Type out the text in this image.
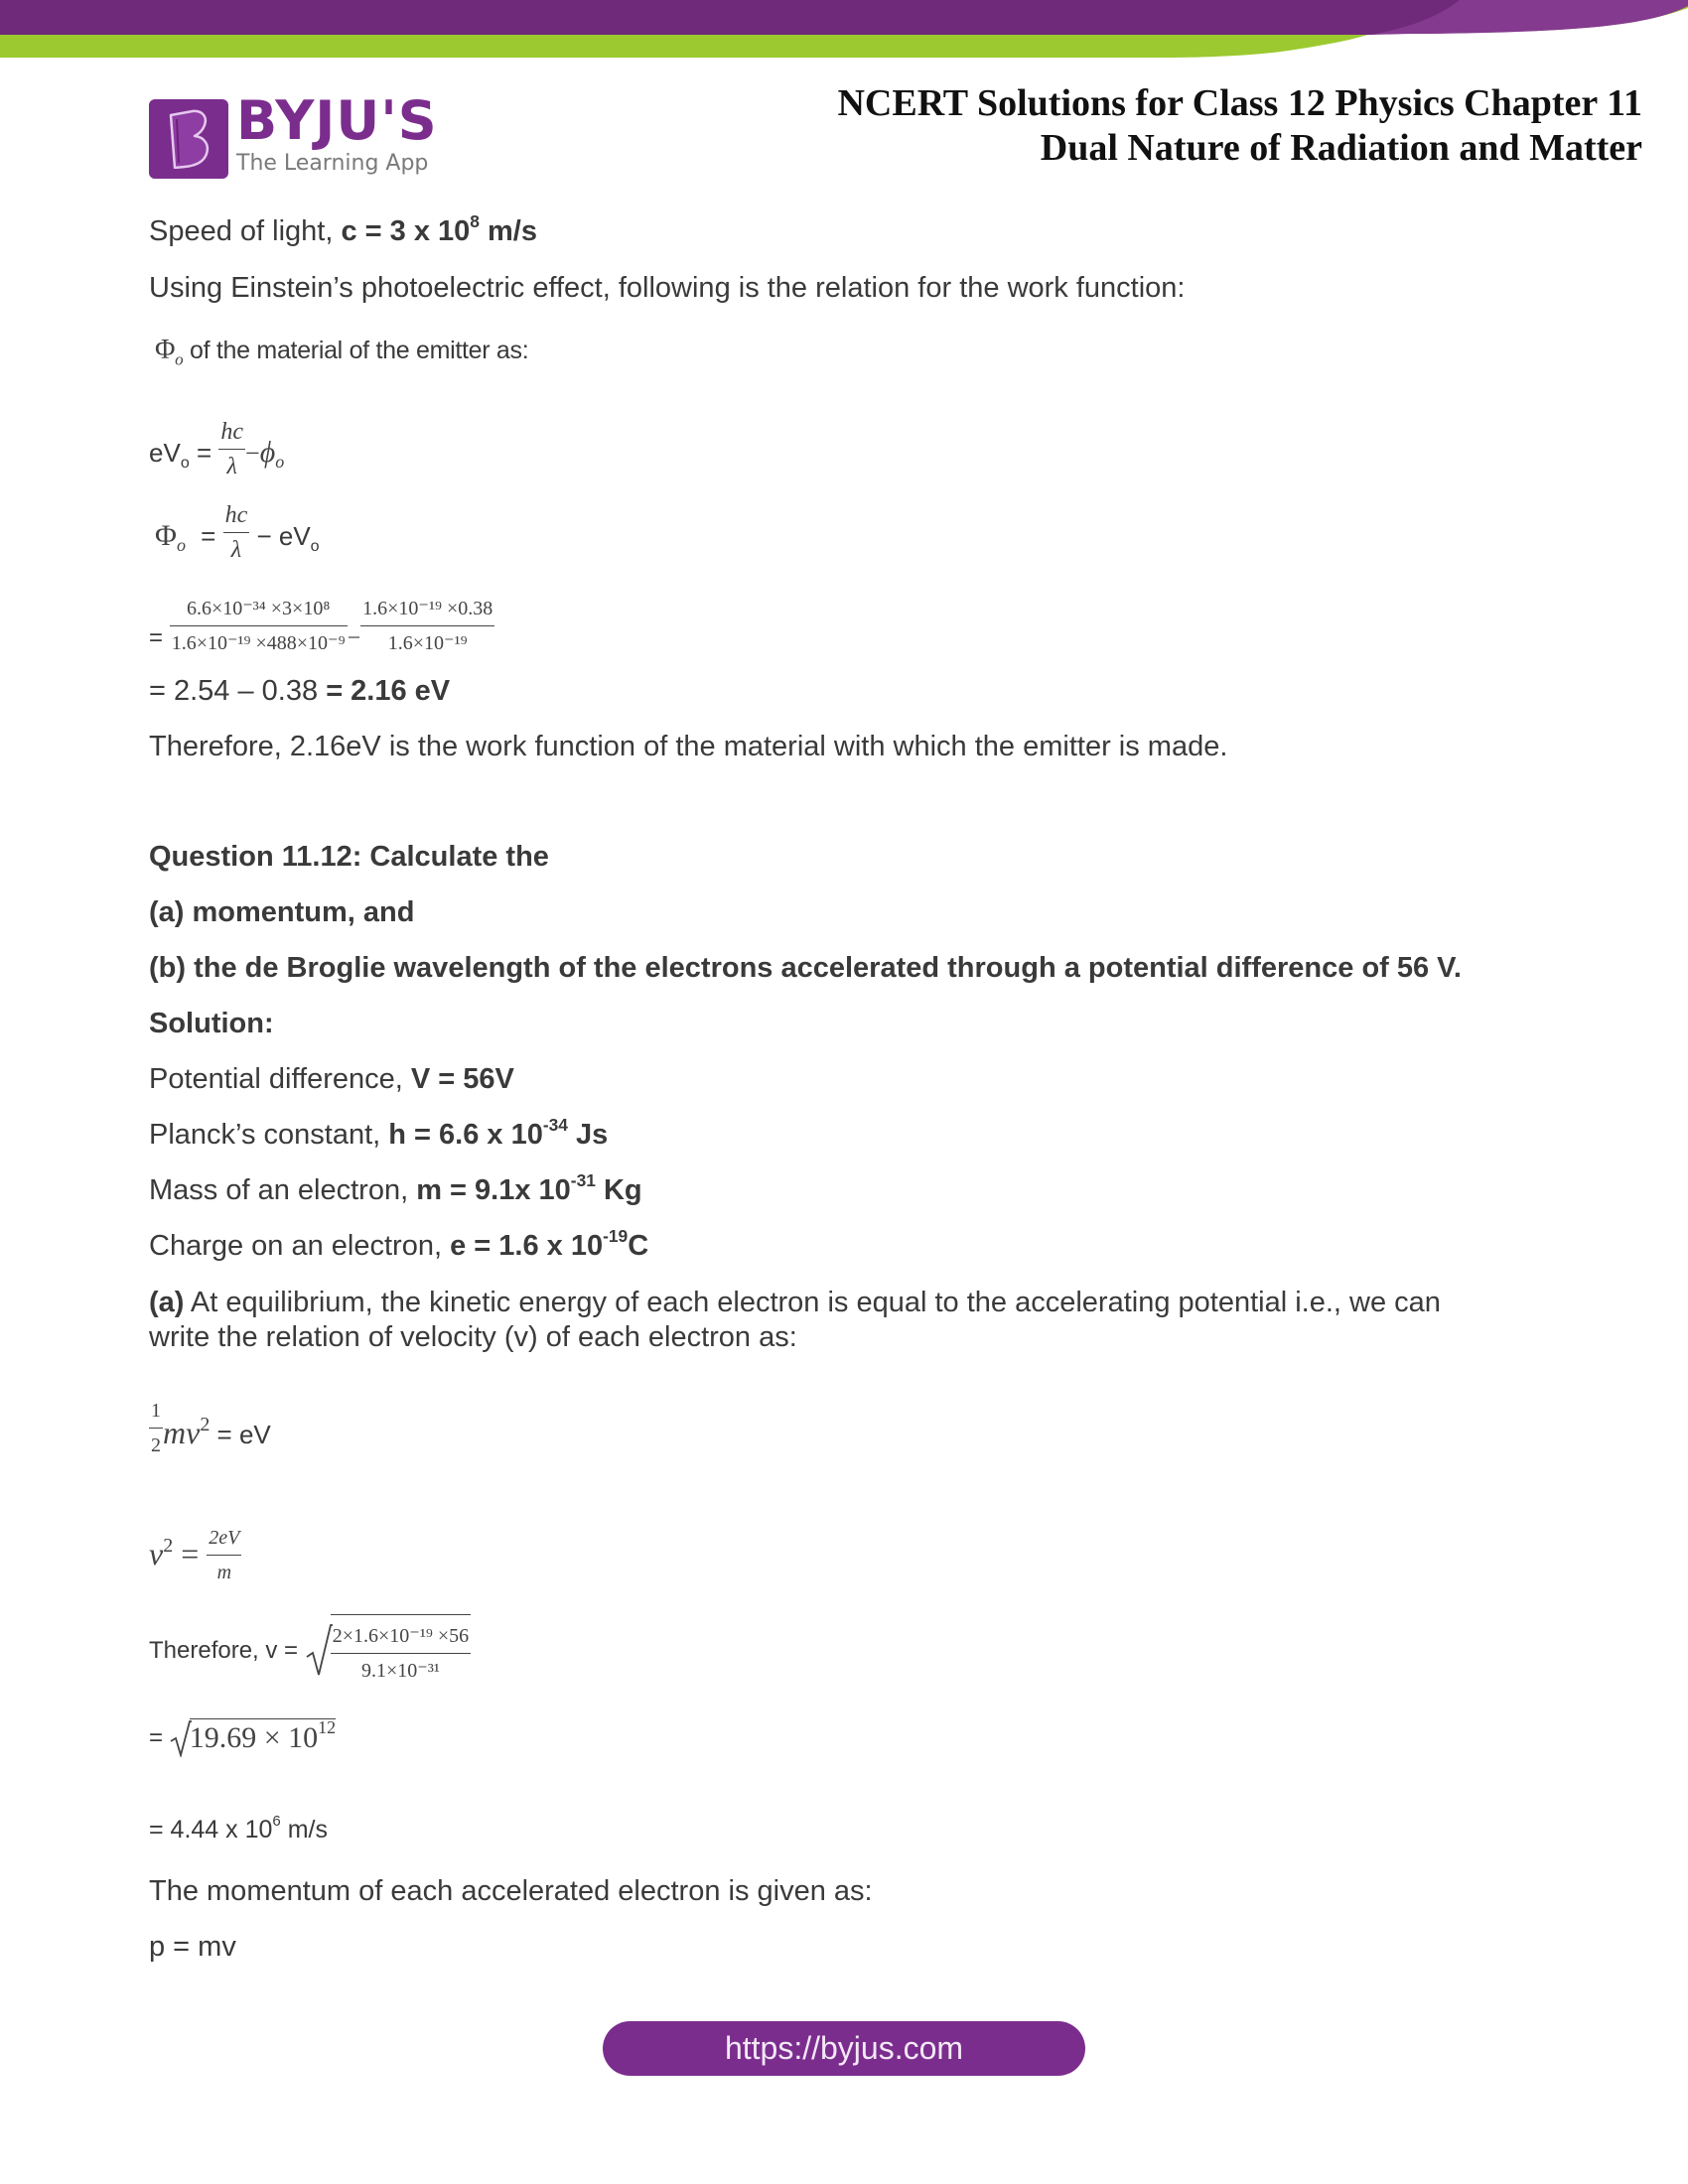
BYJU'S
The Learning App
NCERT Solutions for Class 12 Physics Chapter 11
Dual Nature of Radiation and Matter
Speed of light, c = 3 x $10^8$ m/s
Using Einstein’s photoelectric effect, following is the relation for the work function:
$\Phi_o$ of the material of the emitter as:
$eV_o = \frac{hc}{\lambda} -\phi_o$
$\Phi_o = \frac{hc}{\lambda} - eV_o$
= $\frac{\text{6.6×10⁻³⁴ ×3×10⁸}}{\text{1.6×10⁻¹⁹ ×488×10⁻⁹}} - \frac{\text{1.6×10⁻¹⁹ ×0.38}}{\text{1.6×10⁻¹⁹}}$
= 2.54 – 0.38 = 2.16 eV
Therefore, 2.16eV is the work function of the material with which the emitter is made.
Question 11.12: Calculate the
(a) momentum, and
(b) the de Broglie wavelength of the electrons accelerated through a potential difference of 56 V.
Solution:
Potential difference, V = 56V
Planck’s constant, h = 6.6 x $10^{-34}$ Js
Mass of an electron, m = 9.1x $10^{-31}$ Kg
Charge on an electron, e = 1.6 x $10^{-19}C$
(a) At equilibrium, the kinetic energy of each electron is equal to the accelerating potential i.e., we can
write the relation of velocity (v) of each electron as:
$\frac{1}{2} mv^2$ = eV
$v^2 = \frac{2eV}{m}$
Therefore, $v = \frac{\text{2×1.6×10⁻¹⁹ ×56}}{\text{9.1×10⁻³¹}}$
= $19.69 \times 10^{12}$
= 4.44 x $10^6$ m/s
The momentum of each accelerated electron is given as:
p = mv
https://byjus.com
